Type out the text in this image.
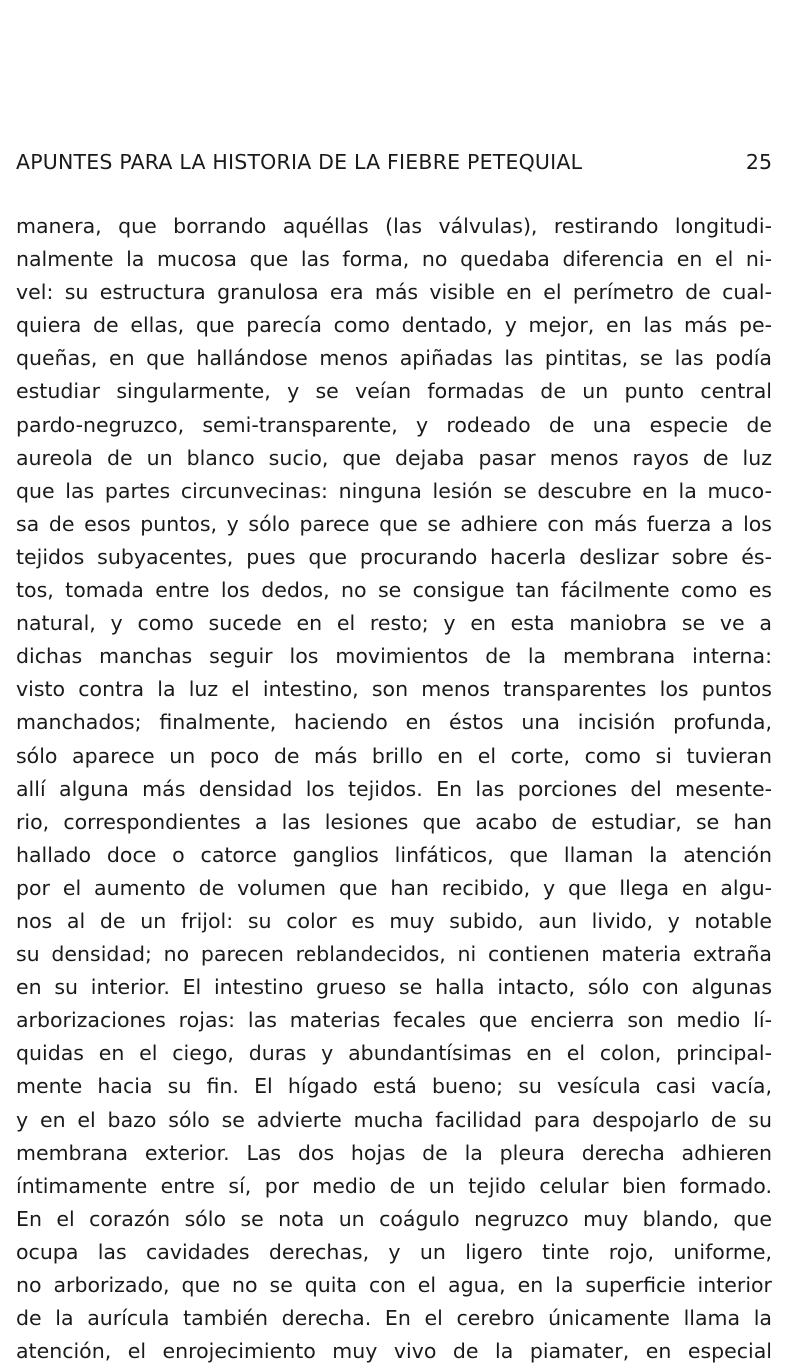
APUNTES PARA LA HISTORIA DE LA FIEBRE PETEQUIAL	25
manera, que borrando aquéllas (las válvulas), restirando longitudi-
nalmente la mucosa que las forma, no quedaba diferencia en el ni-
vel: su estructura granulosa era más visible en el perímetro de cual-
quiera de ellas, que parecía como dentado, y mejor, en las más pe-
queñas, en que hallándose menos apiñadas las pintitas, se las podía
estudiar singularmente, y se veían formadas de un punto central
pardo-negruzco, semi-transparente, y rodeado de una especie de
aureola de un blanco sucio, que dejaba pasar menos rayos de luz
que las partes circunvecinas: ninguna lesión se descubre en la muco-
sa de esos puntos, y sólo parece que se adhiere con más fuerza a los
tejidos subyacentes, pues que procurando hacerla deslizar sobre és-
tos, tomada entre los dedos, no se consigue tan fácilmente como es
natural, y como sucede en el resto; y en esta maniobra se ve a
dichas manchas seguir los movimientos de la membrana interna:
visto contra la luz el intestino, son menos transparentes los puntos
manchados; finalmente, haciendo en éstos una incisión profunda,
sólo aparece un poco de más brillo en el corte, como si tuvieran
allí alguna más densidad los tejidos. En las porciones del mesente-
rio, correspondientes a las lesiones que acabo de estudiar, se han
hallado doce o catorce ganglios linfáticos, que llaman la atención
por el aumento de volumen que han recibido, y que llega en algu-
nos al de un frijol: su color es muy subido, aun livido, y notable
su densidad; no parecen reblandecidos, ni contienen materia extraña
en su interior. El intestino grueso se halla intacto, sólo con algunas
arborizaciones rojas: las materias fecales que encierra son medio lí-
quidas en el ciego, duras y abundantísimas en el colon, principal-
mente hacia su fin. El hígado está bueno; su vesícula casi vacía,
y en el bazo sólo se advierte mucha facilidad para despojarlo de su
membrana exterior. Las dos hojas de la pleura derecha adhieren
íntimamente entre sí, por medio de un tejido celular bien formado.
En el corazón sólo se nota un coágulo negruzco muy blando, que
ocupa las cavidades derechas, y un ligero tinte rojo, uniforme,
no arborizado, que no se quita con el agua, en la superficie interior
de la aurícula también derecha. En el cerebro únicamente llama la
atención, el enrojecimiento muy vivo de la piamater, en especial
